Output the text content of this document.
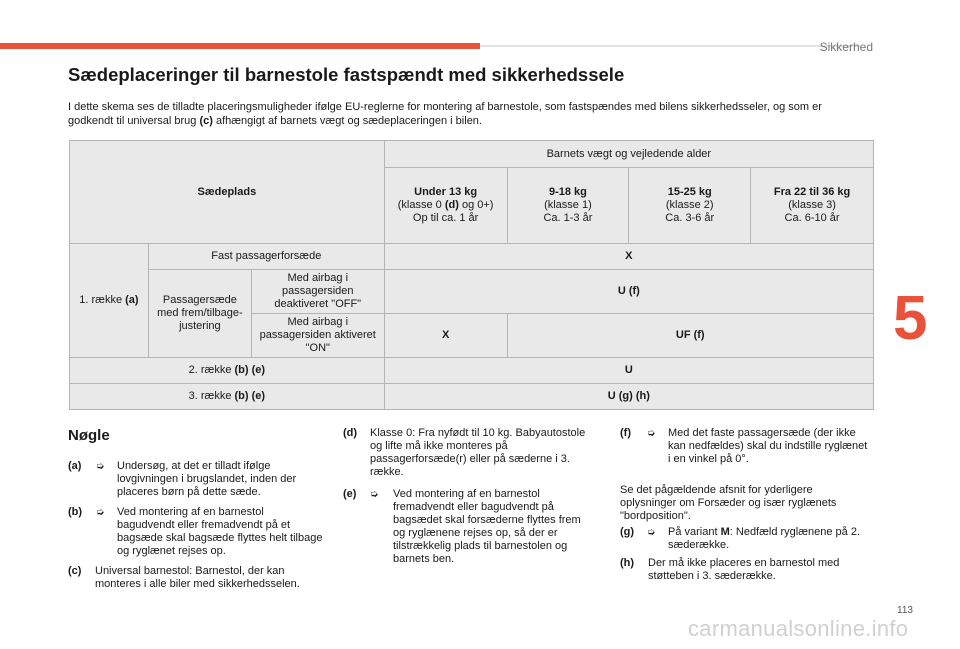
Sikkerhed
5
113
carmanualsonline.info
Sædeplaceringer til barnestole fastspændt med sikkerhedssele

I dette skema ses de tilladte placeringsmuligheder ifølge EU-reglerne for montering af barnestole, som fastspændes med bilens sikkerhedsseler, og som er godkendt til universal brug (c) afhængigt af barnets vægt og sædeplaceringen i bilen.

Sædeplads			Barnets vægt og vejledende alder			
			Under 13 kg
(klasse 0 (d) og 0+)
Op til ca. 1 år	9-18 kg
(klasse 1)
Ca. 1-3 år	15-25 kg
(klasse 2)
Ca. 3-6 år	Fra 22 til 36 kg
(klasse 3)
Ca. 6-10 år
1. række (a)	Fast passagerforsæde		X			
	Passagersæde med frem/tilbage-justering	Med airbag i passagersiden deaktiveret "OFF"	U (f)			
		Med airbag i passagersiden aktiveret "ON"	X	UF (f)		
2. række (b) (e)			U			
3. række (b) (e)			U (g) (h)			
Nøgle
(a) ➭ Undersøg, at det er tilladt ifølge lovgivningen i brugslandet, inden der placeres børn på dette sæde.
(b) ➭ Ved montering af en barnestol bagudvendt eller fremadvendt på et bagsæde skal bagsæde flyttes helt tilbage og ryglænet rejses op.
(c) Universal barnestol: Barnestol, der kan monteres i alle biler med sikkerhedsselen.
(d) Klasse 0: Fra nyfødt til 10 kg. Babyautostole og lifte må ikke monteres på passagerforsæde(r) eller på sæderne i 3. række.
(e) ➭ Ved montering af en barnestol fremadvendt eller bagudvendt på bagsædet skal forsæderne flyttes frem og ryglænene rejses op, så der er tilstrækkelig plads til barnestolen og barnets ben.
(f) ➭ Med det faste passagersæde (der ikke kan nedfældes) skal du indstille ryglænet i en vinkel på 0°.
Se det pågældende afsnit for yderligere oplysninger om Forsæder og især ryglænets "bordposition".
(g) ➭ På variant M: Nedfæld ryglænene på 2. sæderække.
(h) Der må ikke placeres en barnestol med støtteben i 3. sæderække.
